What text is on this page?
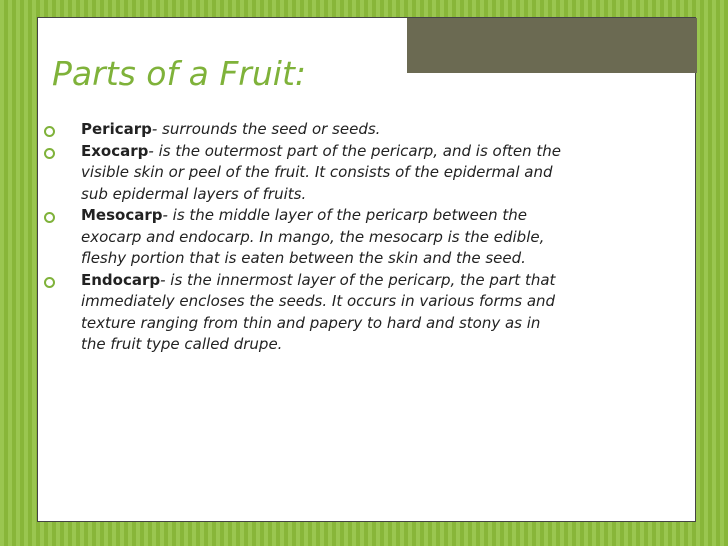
Parts of a Fruit:
Pericarp- surrounds the seed or seeds.
Exocarp- is the outermost part of the pericarp, and is often the visible skin or peel of the fruit. It consists of the epidermal and sub epidermal layers of fruits.
Mesocarp- is the middle layer of the pericarp between the exocarp and endocarp. In mango, the mesocarp is the edible, fleshy portion that is eaten between the skin and the seed.
Endocarp- is the innermost layer of the pericarp, the part that immediately encloses the seeds. It occurs in various forms and texture ranging from thin and papery to hard and stony as in the fruit type called drupe.
